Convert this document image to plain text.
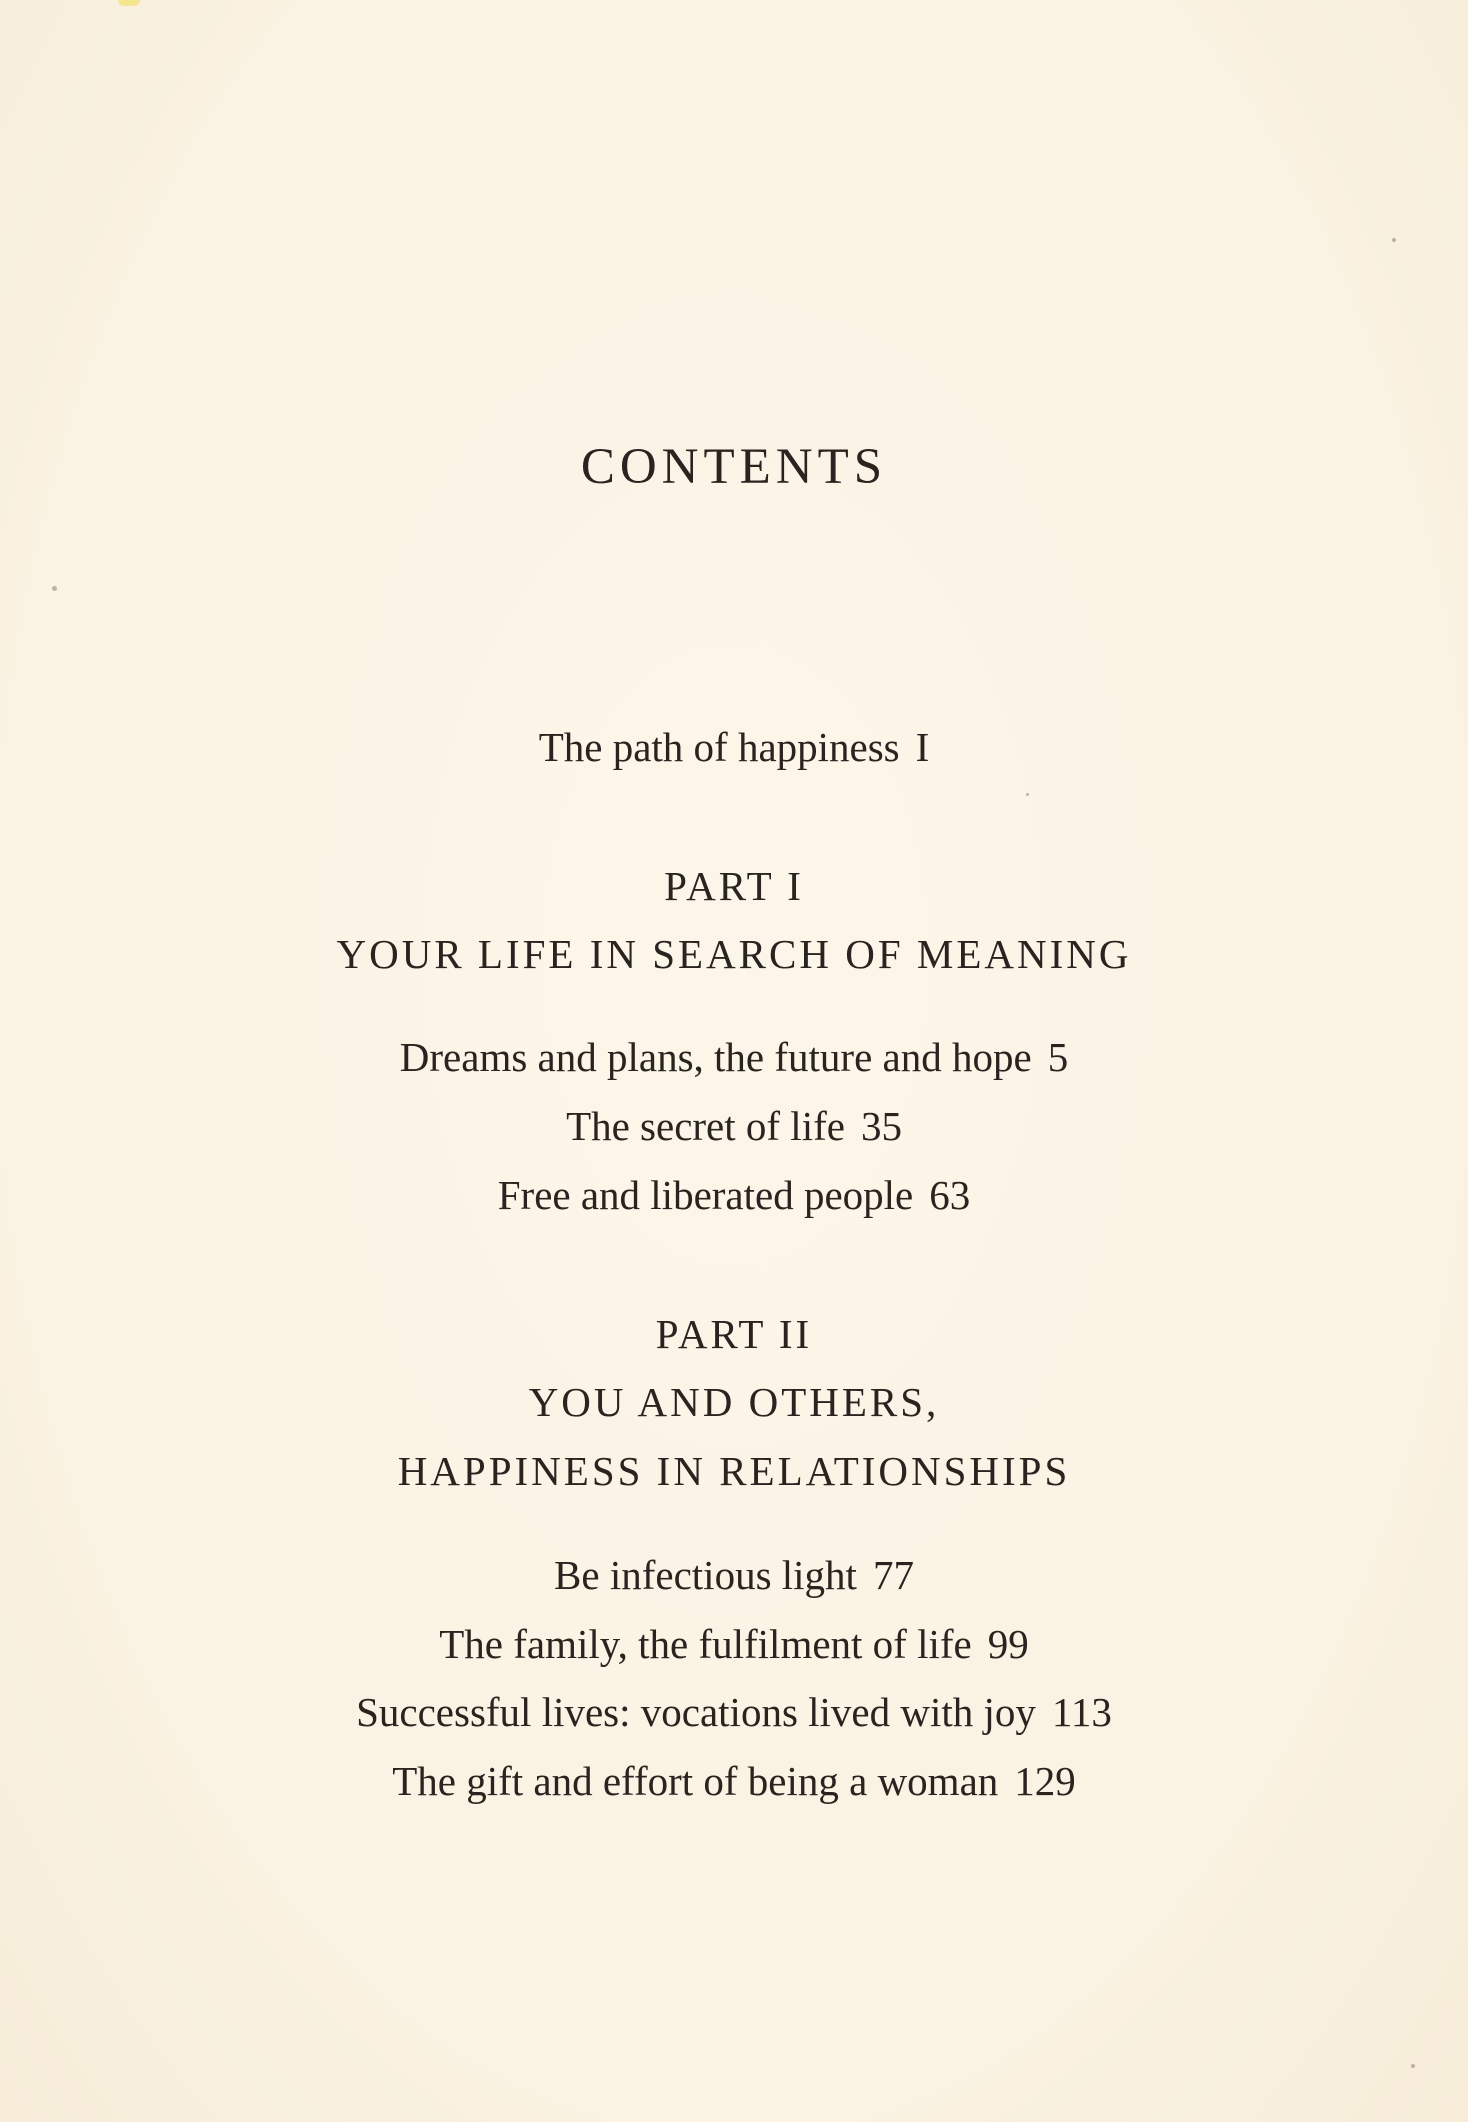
CONTENTS
The path of happiness I
PART I
YOUR LIFE IN SEARCH OF MEANING
Dreams and plans, the future and hope 5
The secret of life 35
Free and liberated people 63
PART II
YOU AND OTHERS,
HAPPINESS IN RELATIONSHIPS
Be infectious light 77
The family, the fulfilment of life 99
Successful lives: vocations lived with joy 113
The gift and effort of being a woman 129
